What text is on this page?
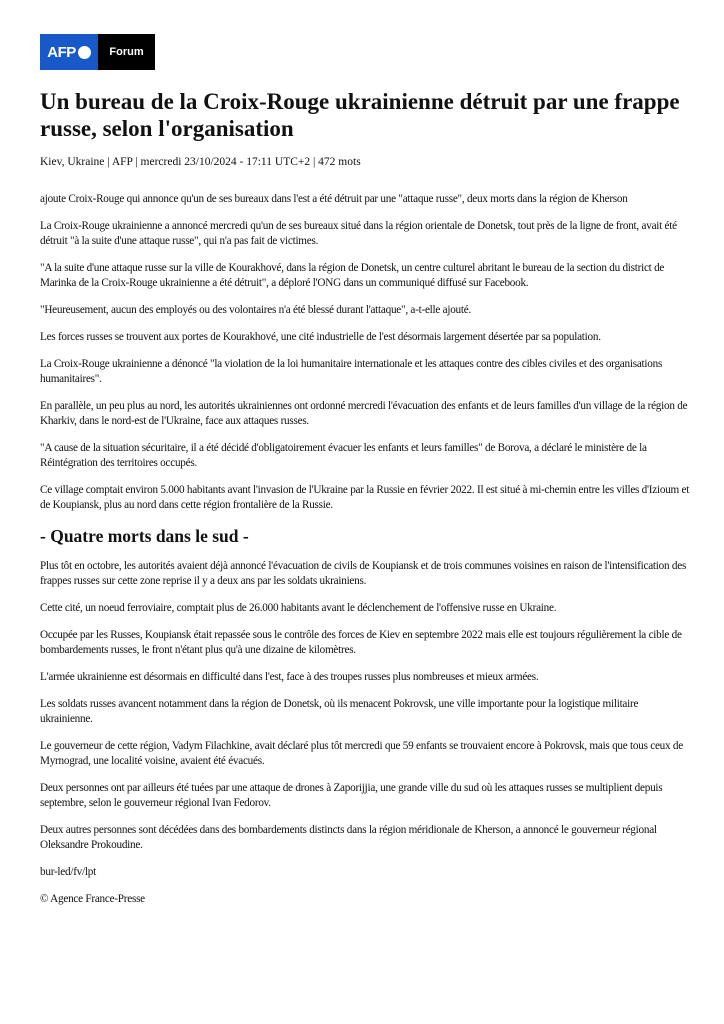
AFP	Forum
Un bureau de la Croix-Rouge ukrainienne détruit par une frappe russe, selon l'organisation
Kiev, Ukraine | AFP | mercredi 23/10/2024 - 17:11 UTC+2 | 472 mots

ajoute Croix-Rouge qui annonce qu'un de ses bureaux dans l'est a été détruit par une "attaque russe", deux morts dans la région de Kherson

La Croix-Rouge ukrainienne a annoncé mercredi qu'un de ses bureaux situé dans la région orientale de Donetsk, tout près de la ligne de front, avait été détruit "à la suite d'une attaque russe", qui n'a pas fait de victimes.

"A la suite d'une attaque russe sur la ville de Kourakhové, dans la région de Donetsk, un centre culturel abritant le bureau de la section du district de Marinka de la Croix-Rouge ukrainienne a été détruit", a déploré l'ONG dans un communiqué diffusé sur Facebook.

"Heureusement, aucun des employés ou des volontaires n'a été blessé durant l'attaque", a-t-elle ajouté.

Les forces russes se trouvent aux portes de Kourakhové, une cité industrielle de l'est désormais largement désertée par sa population.

La Croix-Rouge ukrainienne a dénoncé "la violation de la loi humanitaire internationale et les attaques contre des cibles civiles et des organisations humanitaires".

En parallèle, un peu plus au nord, les autorités ukrainiennes ont ordonné mercredi l'évacuation des enfants et de leurs familles d'un village de la région de Kharkiv, dans le nord-est de l'Ukraine, face aux attaques russes.

"A cause de la situation sécuritaire, il a été décidé d'obligatoirement évacuer les enfants et leurs familles" de Borova, a déclaré le ministère de la Réintégration des territoires occupés.

Ce village comptait environ 5.000 habitants avant l'invasion de l'Ukraine par la Russie en février 2022. Il est situé à mi-chemin entre les villes d'Izioum et de Koupiansk, plus au nord dans cette région frontalière de la Russie.

- Quatre morts dans le sud -

Plus tôt en octobre, les autorités avaient déjà annoncé l'évacuation de civils de Koupiansk et de trois communes voisines en raison de l'intensification des frappes russes sur cette zone reprise il y a deux ans par les soldats ukrainiens.

Cette cité, un noeud ferroviaire, comptait plus de 26.000 habitants avant le déclenchement de l'offensive russe en Ukraine.

Occupée par les Russes, Koupiansk était repassée sous le contrôle des forces de Kiev en septembre 2022 mais elle est toujours régulièrement la cible de bombardements russes, le front n'étant plus qu'à une dizaine de kilomètres.

L'armée ukrainienne est désormais en difficulté dans l'est, face à des troupes russes plus nombreuses et mieux armées.

Les soldats russes avancent notamment dans la région de Donetsk, où ils menacent Pokrovsk, une ville importante pour la logistique militaire ukrainienne.

Le gouverneur de cette région, Vadym Filachkine, avait déclaré plus tôt mercredi que 59 enfants se trouvaient encore à Pokrovsk, mais que tous ceux de Myrnograd, une localité voisine, avaient été évacués.

Deux personnes ont par ailleurs été tuées par une attaque de drones à Zaporijjia, une grande ville du sud où les attaques russes se multiplient depuis septembre, selon le gouverneur régional Ivan Fedorov.

Deux autres personnes sont décédées dans des bombardements distincts dans la région méridionale de Kherson, a annoncé le gouverneur régional Oleksandre Prokoudine.

bur-led/fv/lpt

© Agence France-Presse
